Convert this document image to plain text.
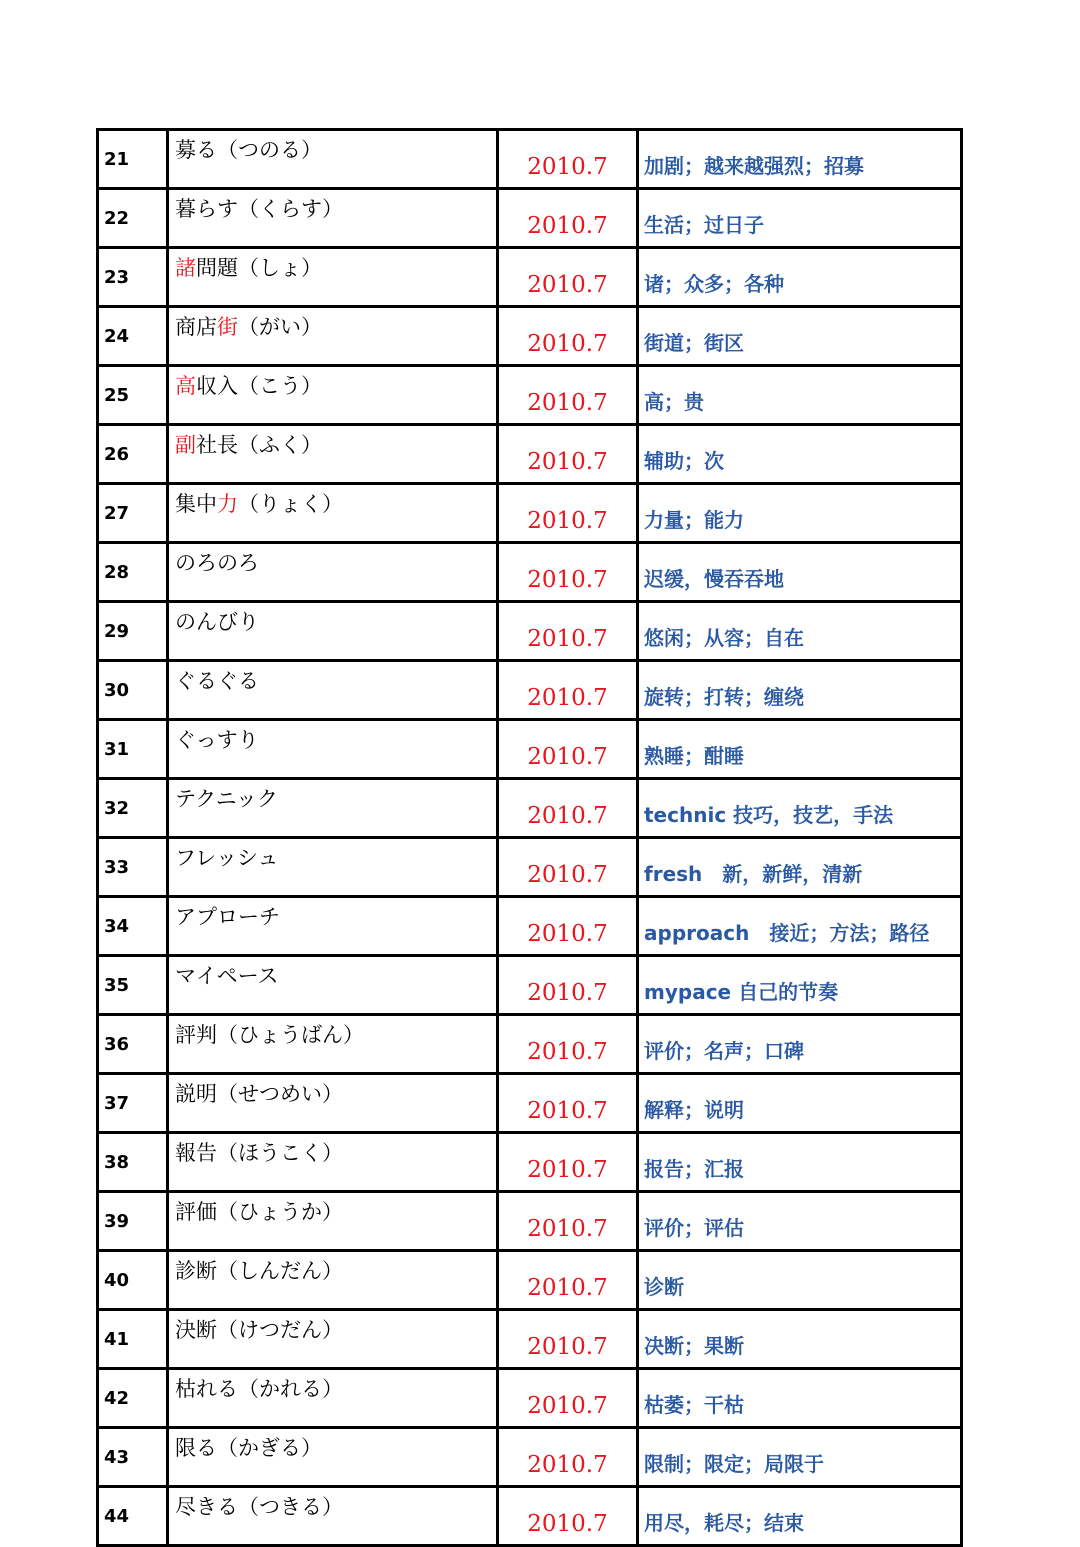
21	募る（つのる）	2010.7	加剧；越来越强烈；招募
22	暮らす（くらす）	2010.7	生活；过日子
23	諸問題（しょ）	2010.7	诸；众多；各种
24	商店街（がい）	2010.7	街道；街区
25	高収入（こう）	2010.7	高；贵
26	副社長（ふく）	2010.7	辅助；次
27	集中力（りょく）	2010.7	力量；能力
28	のろのろ	2010.7	迟缓，慢吞吞地
29	のんびり	2010.7	悠闲；从容；自在
30	ぐるぐる	2010.7	旋转；打转；缠绕
31	ぐっすり	2010.7	熟睡；酣睡
32	テクニック	2010.7	technic 技巧，技艺，手法
33	フレッシュ	2010.7	fresh　新，新鲜，清新
34	アプローチ	2010.7	approach　接近；方法；路径
35	マイペース	2010.7	mypace 自己的节奏
36	評判（ひょうばん）	2010.7	评价；名声；口碑
37	説明（せつめい）	2010.7	解释；说明
38	報告（ほうこく）	2010.7	报告；汇报
39	評価（ひょうか）	2010.7	评价；评估
40	診断（しんだん）	2010.7	诊断
41	決断（けつだん）	2010.7	决断；果断
42	枯れる（かれる）	2010.7	枯萎；干枯
43	限る（かぎる）	2010.7	限制；限定；局限于
44	尽きる（つきる）	2010.7	用尽，耗尽；结束
